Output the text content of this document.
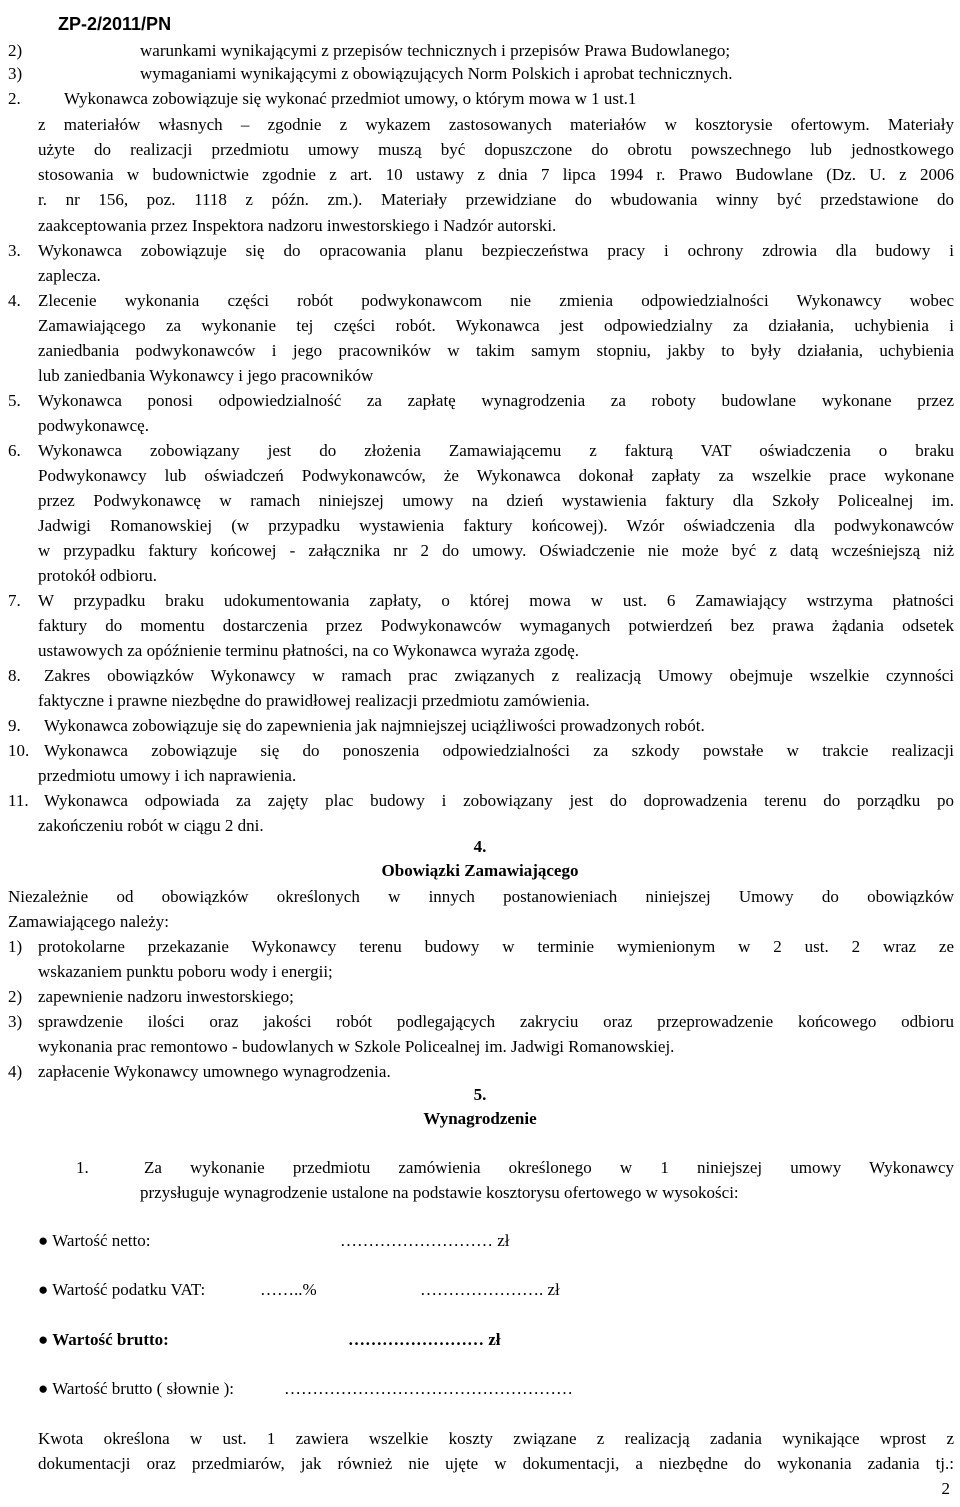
ZP-2/2011/PN
2)	warunkami wynikającymi z przepisów technicznych i przepisów Prawa Budowlanego;
3)	wymaganiami wynikającymi z obowiązujących Norm Polskich i aprobat technicznych.
2.	Wykonawca zobowiązuje się wykonać przedmiot umowy, o którym mowa w 1 ust.1
z materiałów własnych – zgodnie z wykazem zastosowanych materiałów w kosztorysie ofertowym. Materiały
użyte do realizacji przedmiotu umowy muszą być dopuszczone do obrotu powszechnego lub jednostkowego
stosowania w budownictwie zgodnie z art. 10 ustawy z dnia 7 lipca 1994 r. Prawo Budowlane (Dz. U. z 2006
r. nr 156, poz. 1118 z późn. zm.). Materiały przewidziane do wbudowania winny być przedstawione do
zaakceptowania przez Inspektora nadzoru inwestorskiego i Nadzór autorski.
3. Wykonawca zobowiązuje się do opracowania planu bezpieczeństwa pracy i ochrony zdrowia dla budowy i
zaplecza.
4. Zlecenie wykonania części robót podwykonawcom nie zmienia odpowiedzialności Wykonawcy wobec
Zamawiającego za wykonanie tej części robót. Wykonawca jest odpowiedzialny za działania, uchybienia i
zaniedbania podwykonawców i jego pracowników w takim samym stopniu, jakby to były działania, uchybienia
lub zaniedbania Wykonawcy i jego pracowników
5. Wykonawca ponosi odpowiedzialność za zapłatę wynagrodzenia za roboty budowlane wykonane przez
podwykonawcę.
6. Wykonawca zobowiązany jest do złożenia Zamawiającemu z fakturą VAT oświadczenia o braku
Podwykonawcy lub oświadczeń Podwykonawców, że Wykonawca dokonał zapłaty za wszelkie prace wykonane
przez Podwykonawcę w ramach niniejszej umowy na dzień wystawienia faktury dla Szkoły Policealnej im.
Jadwigi Romanowskiej (w przypadku wystawienia faktury końcowej). Wzór oświadczenia dla podwykonawców
w przypadku faktury końcowej - załącznika nr 2 do umowy. Oświadczenie nie może być z datą wcześniejszą niż
protokół odbioru.
7. W przypadku braku udokumentowania zapłaty, o której mowa w ust. 6 Zamawiający wstrzyma płatności
faktury do momentu dostarczenia przez Podwykonawców wymaganych potwierdzeń bez prawa żądania odsetek
ustawowych za opóźnienie terminu płatności, na co Wykonawca wyraża zgodę.
8. Zakres obowiązków Wykonawcy w ramach prac związanych z realizacją Umowy obejmuje wszelkie czynności
faktyczne i prawne niezbędne do prawidłowej realizacji przedmiotu zamówienia.
9. Wykonawca zobowiązuje się do zapewnienia jak najmniejszej uciążliwości prowadzonych robót.
10. Wykonawca zobowiązuje się do ponoszenia odpowiedzialności za szkody powstałe w trakcie realizacji
przedmiotu umowy i ich naprawienia.
11. Wykonawca odpowiada za zajęty plac budowy i zobowiązany jest do doprowadzenia terenu do porządku po
zakończeniu robót w ciągu 2 dni.
4.
Obowiązki Zamawiającego
Niezależnie od obowiązków określonych w innych postanowieniach niniejszej Umowy do obowiązków
Zamawiającego należy:
1) protokolarne przekazanie Wykonawcy terenu budowy w terminie wymienionym w 2 ust. 2 wraz ze
wskazaniem punktu poboru wody i energii;
2) zapewnienie nadzoru inwestorskiego;
3) sprawdzenie ilości oraz jakości robót podlegających zakryciu oraz przeprowadzenie końcowego odbioru
wykonania prac remontowo - budowlanych w Szkole Policealnej im. Jadwigi Romanowskiej.
4) zapłacenie Wykonawcy umownego wynagrodzenia.
5.
Wynagrodzenie
1.	Za wykonanie przedmiotu zamówienia określonego w 1 niniejszej umowy Wykonawcy
przysługuje wynagrodzenie ustalone na podstawie kosztorysu ofertowego w wysokości:
● Wartość netto:	……………………… zł
● Wartość podatku VAT:	……..%	…………………. zł
● Wartość brutto:	…………………… zł
● Wartość brutto ( słownie ):	……………………………………………
Kwota określona w ust. 1 zawiera wszelkie koszty związane z realizacją zadania wynikające wprost z
dokumentacji oraz przedmiarów, jak również nie ujęte w dokumentacji, a niezbędne do wykonania zadania tj.:
2
